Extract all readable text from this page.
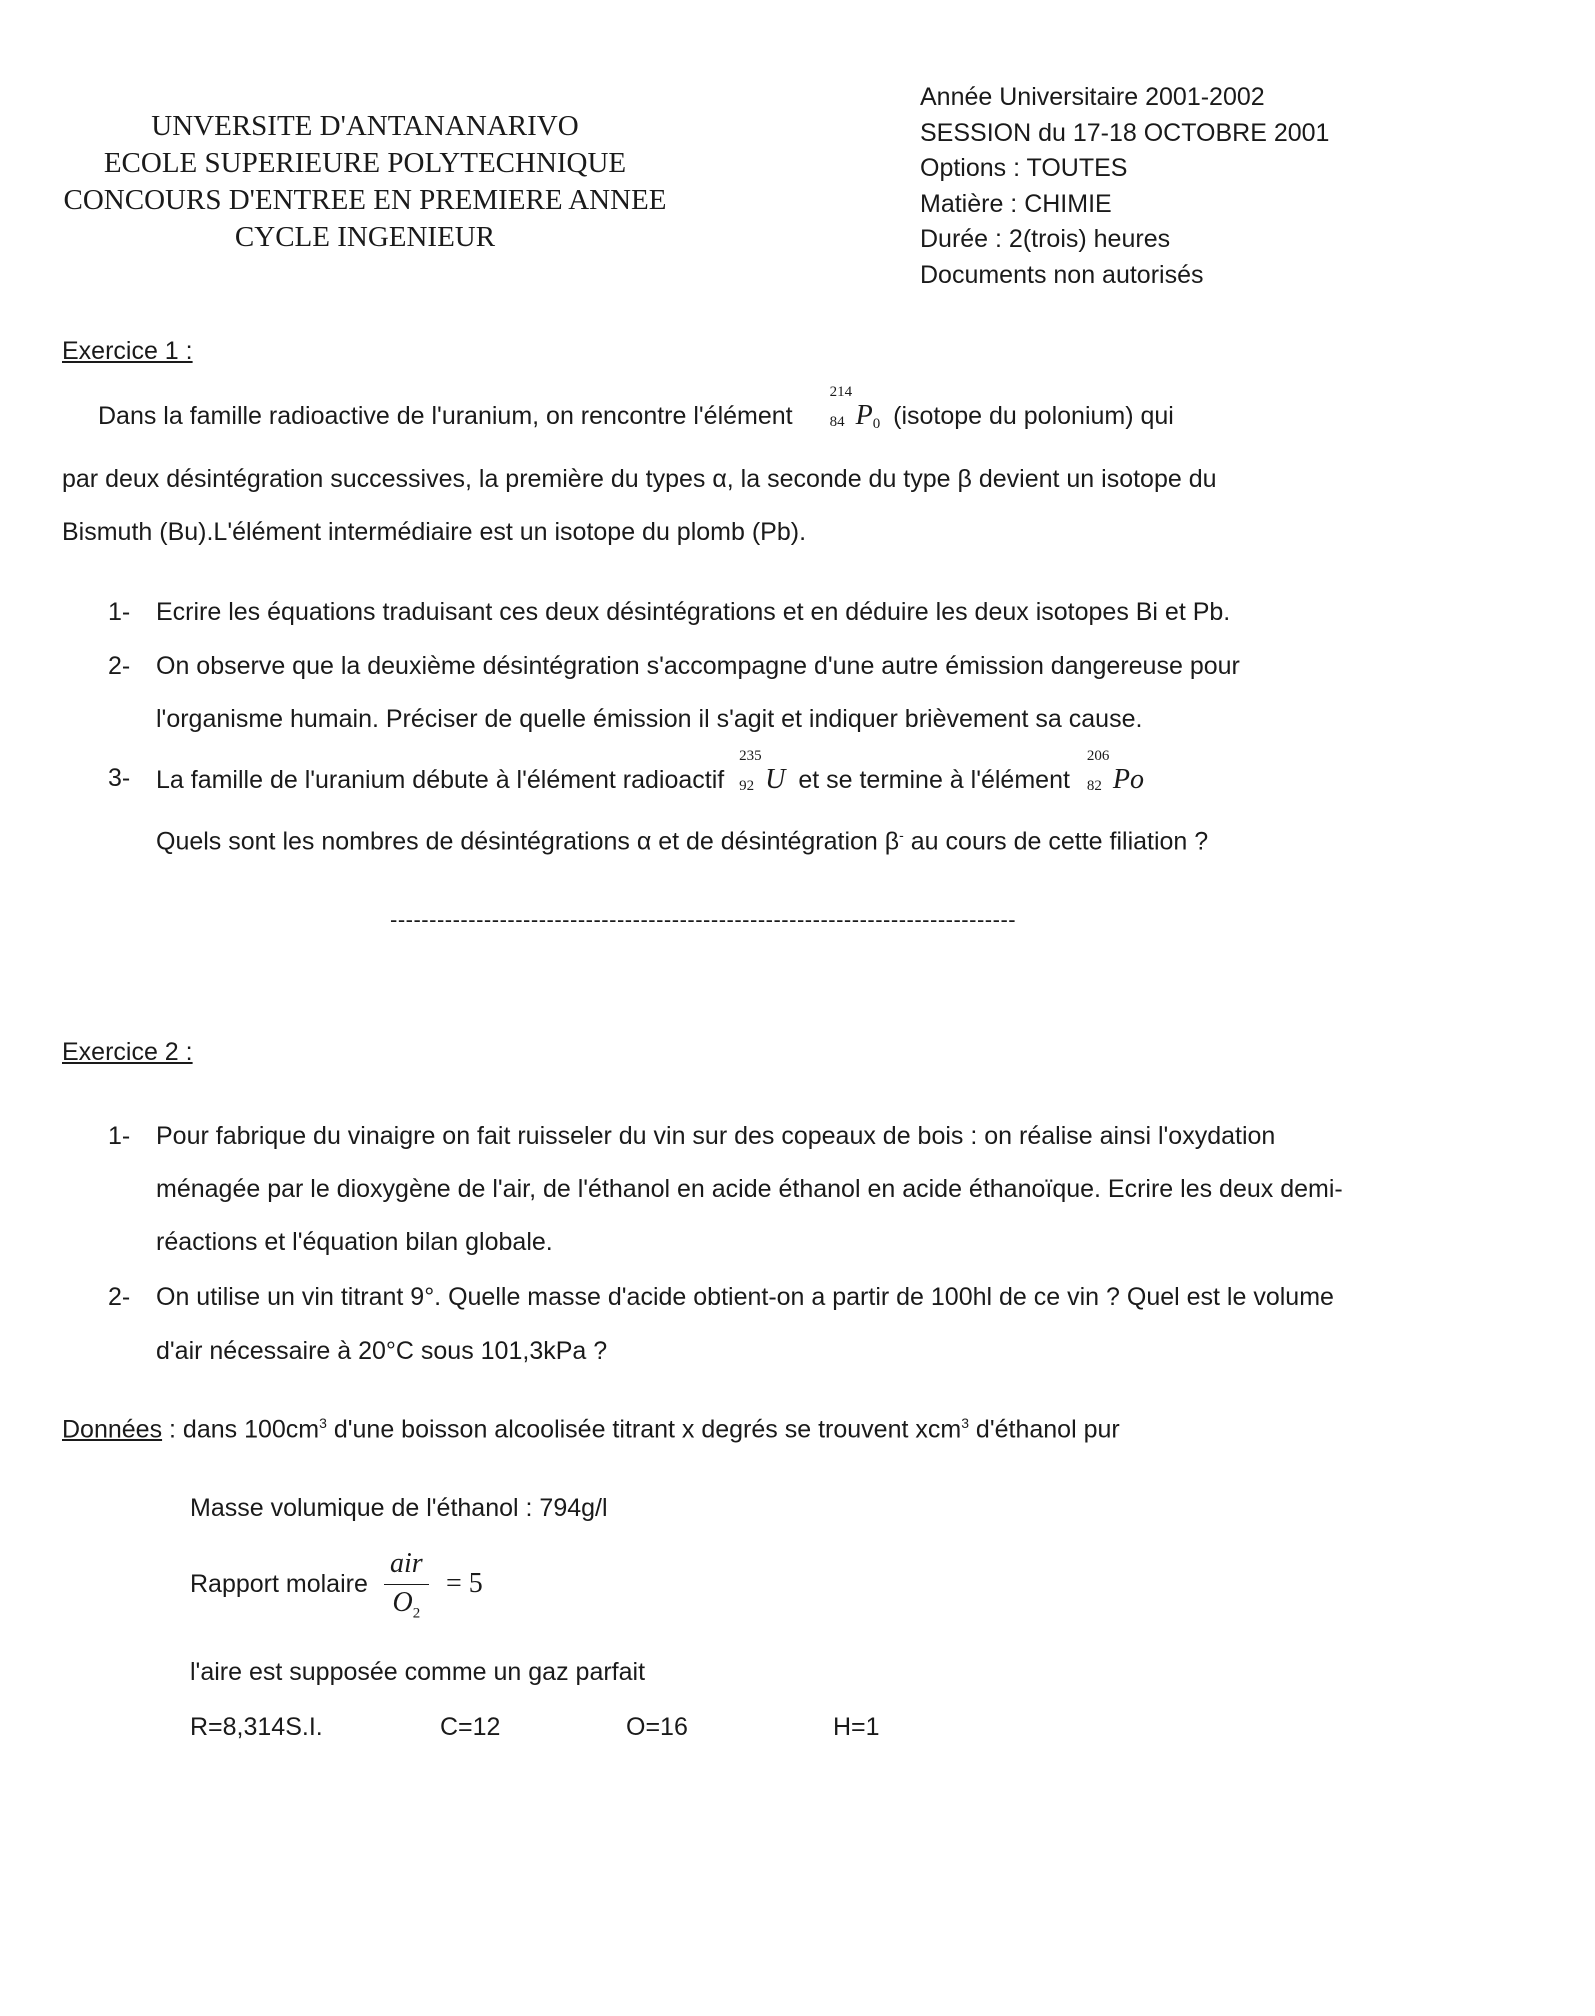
UNVERSITE D'ANTANANARIVO
ECOLE SUPERIEURE POLYTECHNIQUE
CONCOURS D'ENTREE EN PREMIERE ANNEE
CYCLE INGENIEUR
Année Universitaire 2001-2002
SESSION du 17-18 OCTOBRE 2001
Options : TOUTES
Matière : CHIMIE
Durée : 2(trois) heures
Documents non autorisés
Exercice 1 :
Dans la famille radioactive de l'uranium, on rencontre l'élément
214
84 P0 (isotope du polonium) qui
par deux désintégration successives, la première du types α, la seconde du type β devient un isotope du
Bismuth (Bu).L'élément intermédiaire est un isotope du plomb (Pb).
1- Ecrire les équations traduisant ces deux désintégrations et en déduire les deux isotopes Bi et Pb.
2- On observe que la deuxième désintégration s'accompagne d'une autre émission dangereuse pour
l'organisme humain. Préciser de quelle émission il s'agit et indiquer brièvement sa cause.
3- La famille de l'uranium débute à l'élément radioactif
235
92 U et se termine à l'élément
206
82 Po
Quels sont les nombres de désintégrations α et de désintégration β- au cours de cette filiation ?
--------------------------------------------------------------------------------
Exercice 2 :
1- Pour fabrique du vinaigre on fait ruisseler du vin sur des copeaux de bois : on réalise ainsi l'oxydation
ménagée par le dioxygène de l'air, de l'éthanol en acide éthanol en acide éthanoïque. Ecrire les deux demi-
réactions et l'équation bilan globale.
2- On utilise un vin titrant 9°. Quelle masse d'acide obtient-on a partir de 100hl de ce vin ? Quel est le volume
d'air nécessaire à 20°C sous 101,3kPa ?
Données : dans $100cm^3$ d'une boisson alcoolisée titrant x degrés se trouvent xcm$^3$ d'éthanol pur
Masse volumique de l'éthanol : 794g/l
Rapport molaire
air
$O_2$
= 5
l'aire est supposée comme un gaz parfait
R=8,314S.I.	C=12	O=16	H=1
